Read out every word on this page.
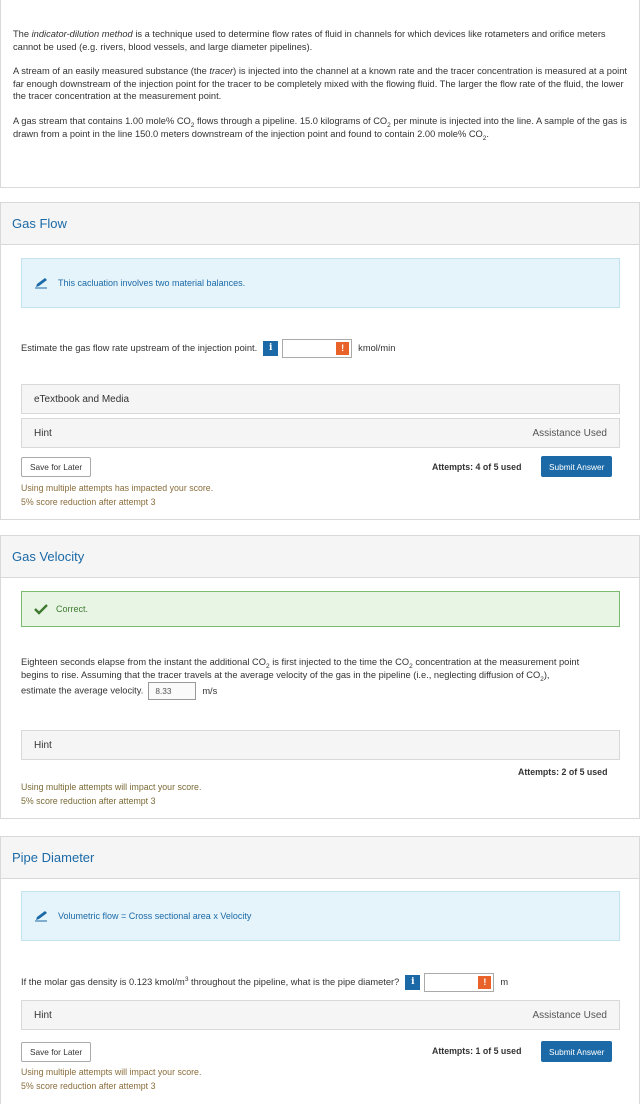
The indicator-dilution method is a technique used to determine flow rates of fluid in channels for which devices like rotameters and orifice meters cannot be used (e.g. rivers, blood vessels, and large diameter pipelines).

A stream of an easily measured substance (the tracer) is injected into the channel at a known rate and the tracer concentration is measured at a point far enough downstream of the injection point for the tracer to be completely mixed with the flowing fluid. The larger the flow rate of the fluid, the lower the tracer concentration at the measurement point.

A gas stream that contains 1.00 mole% $CO_2$ flows through a pipeline. 15.0 kilograms of $CO_2$ per minute is injected into the line. A sample of the gas is drawn from a point in the line 150.0 meters downstream of the injection point and found to contain 2.00 mole% $CO_2$.

Gas Flow
This cacluation involves two material balances.
Estimate the gas flow rate upstream of the injection point.	i	!	kmol/min
eTextbook and Media
Hint	Assistance Used
Save for Later	Attempts: 4 of 5 used	Submit Answer
Using multiple attempts has impacted your score.
5% score reduction after attempt 3
Gas Velocity
Correct.
Eighteen seconds elapse from the instant the additional $CO_2$ is first injected to the time the $CO_2$ concentration at the measurement point begins to rise. Assuming that the tracer travels at the average velocity of the gas in the pipeline (i.e., neglecting diffusion of $CO_2$), estimate the average velocity. 8.33	m/s
Hint
Attempts: 2 of 5 used
Using multiple attempts will impact your score.
5% score reduction after attempt 3
Pipe Diameter
Volumetric flow = Cross sectional area x Velocity
If the molar gas density is 0.123 kmol/$m^3$ throughout the pipeline, what is the pipe diameter?	i	!	m
Hint	Assistance Used
Save for Later	Attempts: 1 of 5 used	Submit Answer
Using multiple attempts will impact your score.
5% score reduction after attempt 3
